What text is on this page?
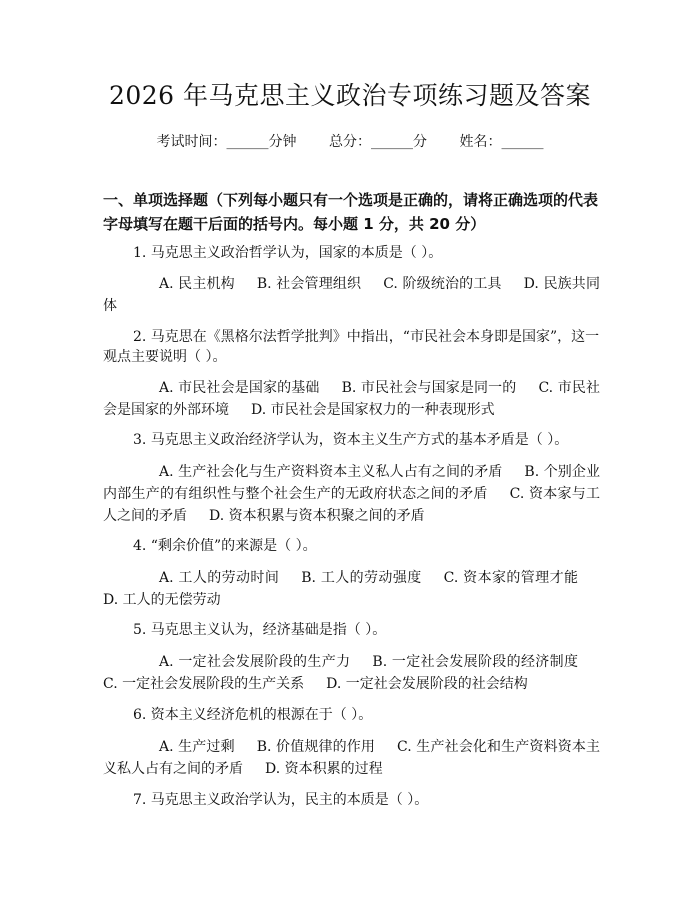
2026 年马克思主义政治专项练习题及答案
考试时间：______分钟 总分：______分 姓名：______
一、单项选择题（下列每小题只有一个选项是正确的，请将正确选项的代表字母填写在题干后面的括号内。每小题 1 分，共 20 分）
1. 马克思主义政治哲学认为，国家的本质是（ ）。
A. 民主机构 B. 社会管理组织 C. 阶级统治的工具 D. 民族共同体
2. 马克思在《黑格尔法哲学批判》中指出，“市民社会本身即是国家”，这一观点主要说明（ ）。
A. 市民社会是国家的基础 B. 市民社会与国家是同一的 C. 市民社会是国家的外部环境 D. 市民社会是国家权力的一种表现形式
3. 马克思主义政治经济学认为，资本主义生产方式的基本矛盾是（ ）。
A. 生产社会化与生产资料资本主义私人占有之间的矛盾 B. 个别企业内部生产的有组织性与整个社会生产的无政府状态之间的矛盾 C. 资本家与工人之间的矛盾 D. 资本积累与资本积聚之间的矛盾
4. “剩余价值”的来源是（ ）。
A. 工人的劳动时间 B. 工人的劳动强度 C. 资本家的管理才能D. 工人的无偿劳动
5. 马克思主义认为，经济基础是指（ ）。
A. 一定社会发展阶段的生产力 B. 一定社会发展阶段的经济制度C. 一定社会发展阶段的生产关系 D. 一定社会发展阶段的社会结构
6. 资本主义经济危机的根源在于（ ）。
A. 生产过剩 B. 价值规律的作用 C. 生产社会化和生产资料资本主义私人占有之间的矛盾 D. 资本积累的过程
7. 马克思主义政治学认为，民主的本质是（ ）。
